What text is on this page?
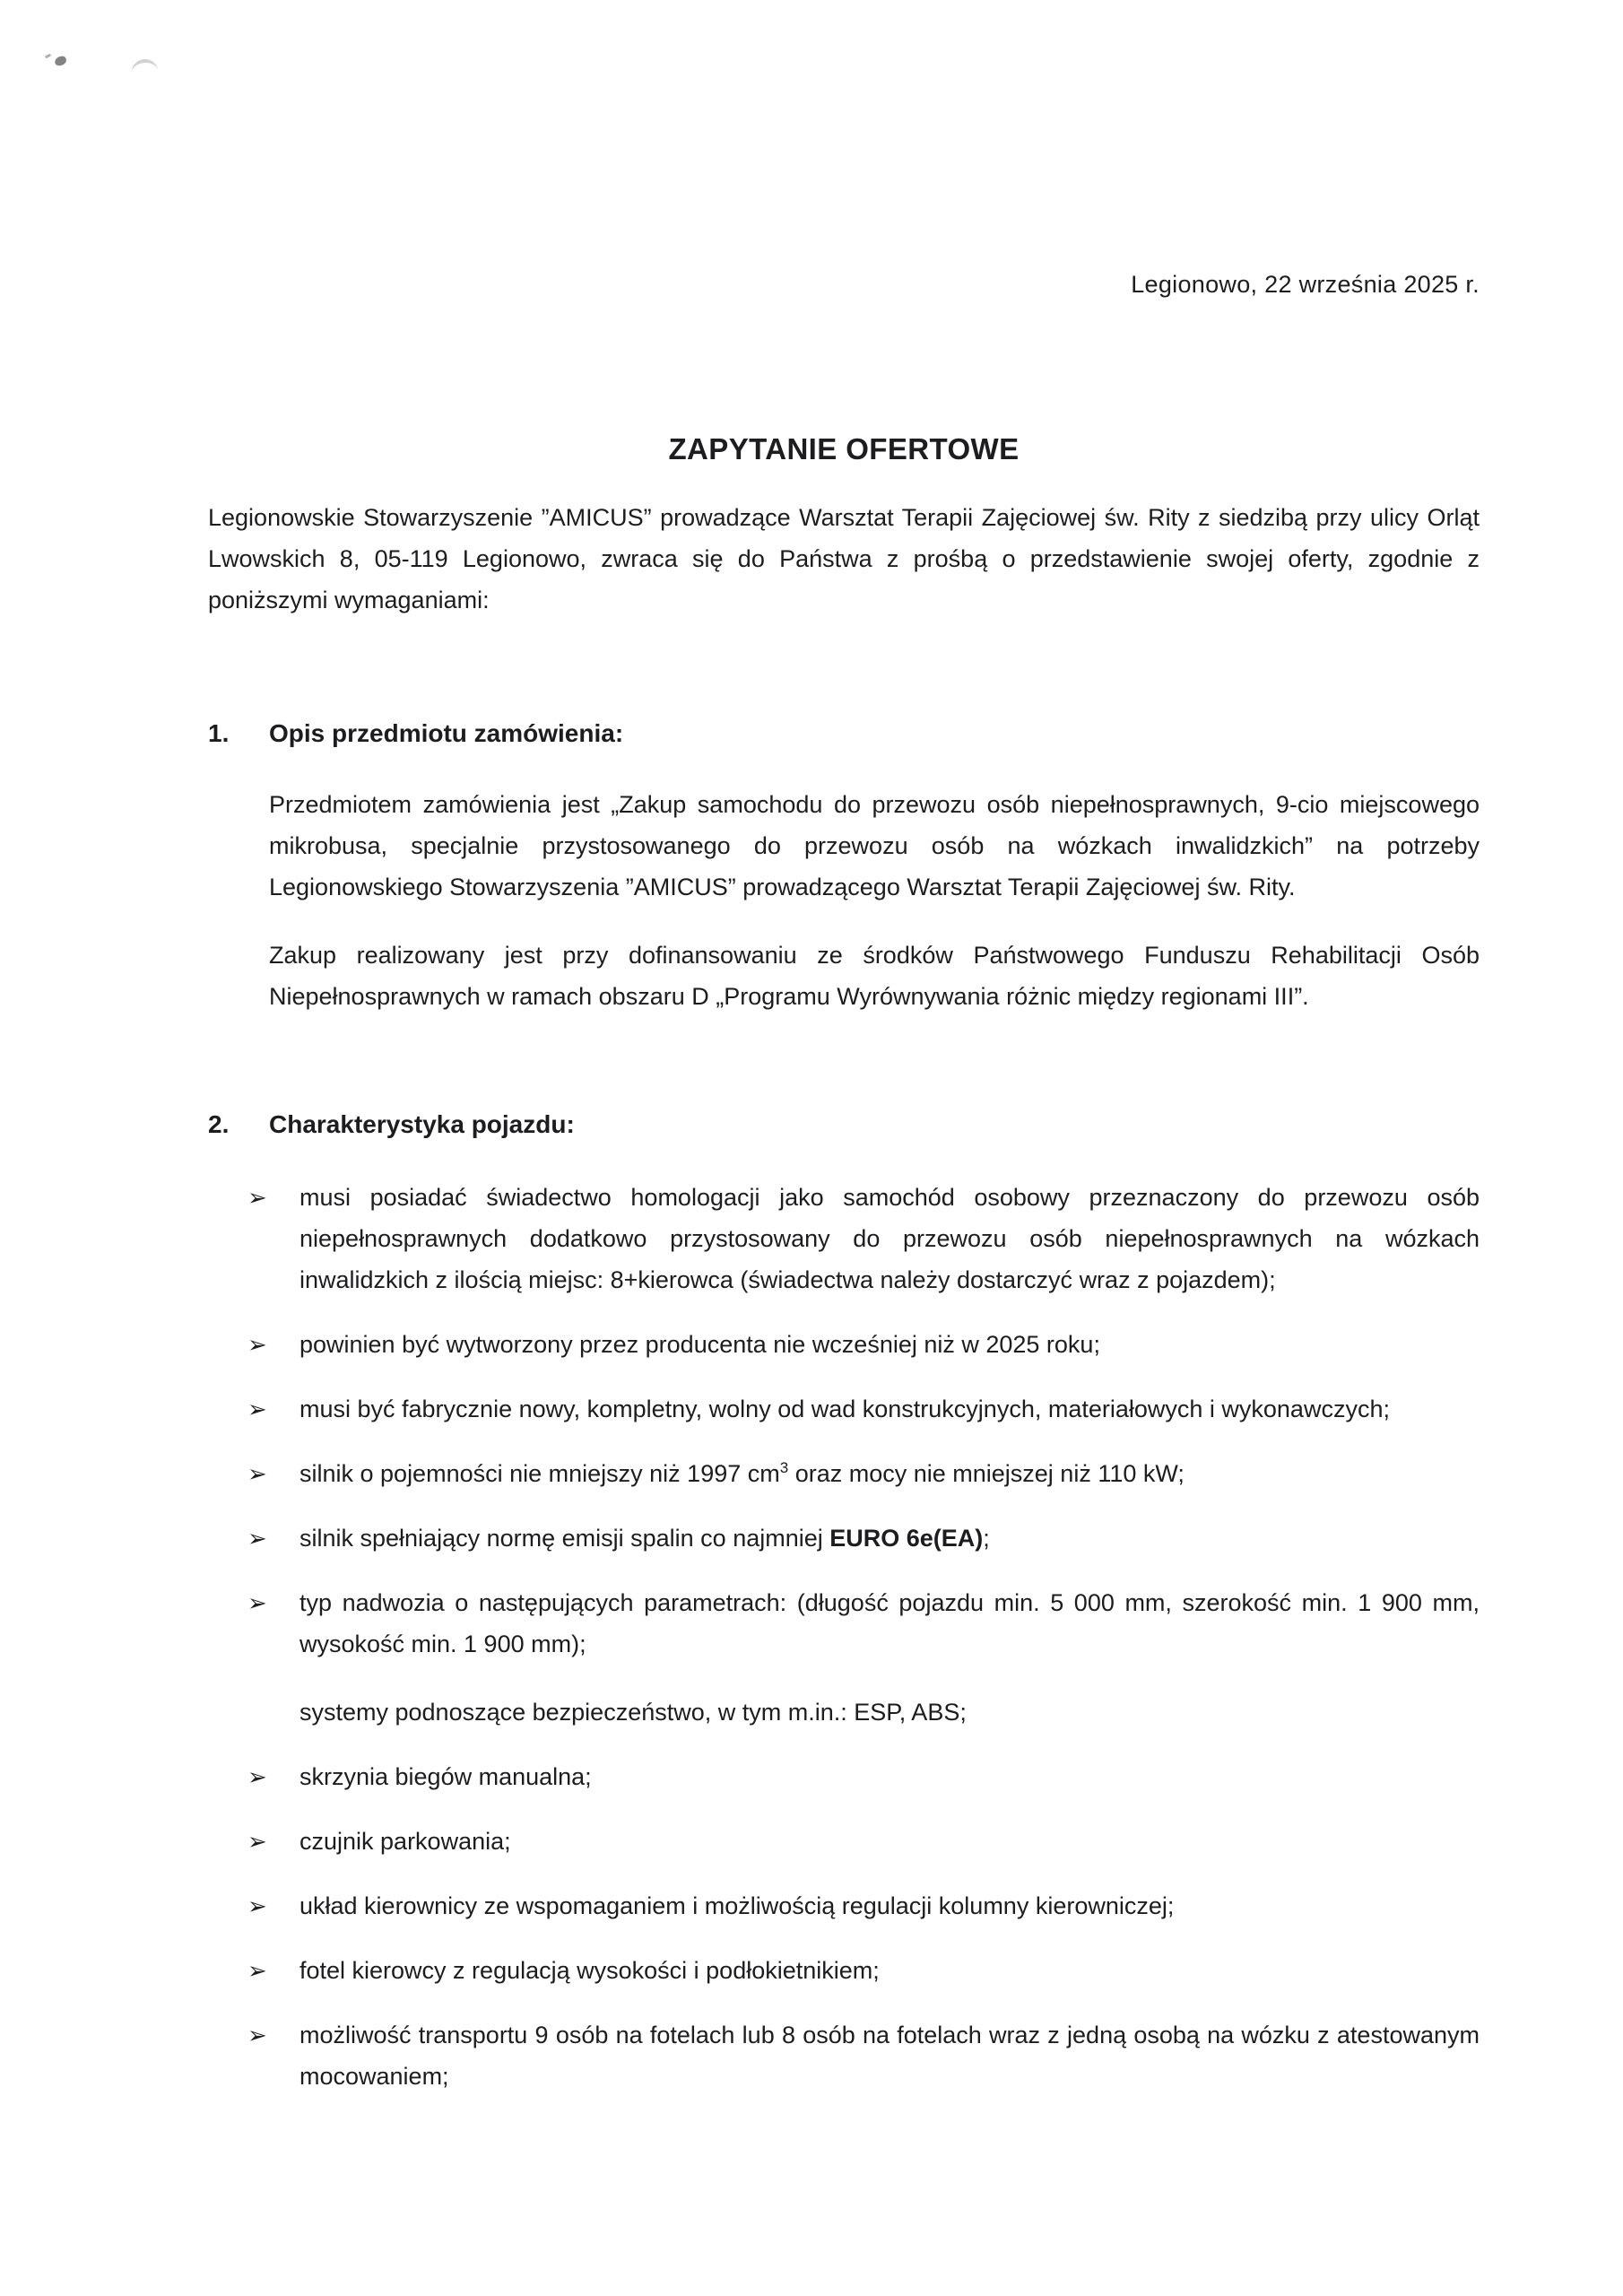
Legionowo, 22 września 2025 r.
ZAPYTANIE OFERTOWE

Legionowskie Stowarzyszenie ”AMICUS” prowadzące Warsztat Terapii Zajęciowej św. Rity z siedzibą przy ulicy Orląt Lwowskich 8, 05-119 Legionowo, zwraca się do Państwa z prośbą o przedstawienie swojej oferty, zgodnie z poniższymi wymaganiami:

1.	Opis przedmiotu zamówienia:

Przedmiotem zamówienia jest „Zakup samochodu do przewozu osób niepełnosprawnych, 9-cio miejscowego mikrobusa, specjalnie przystosowanego do przewozu osób na wózkach inwalidzkich” na potrzeby Legionowskiego Stowarzyszenia ”AMICUS” prowadzącego Warsztat Terapii Zajęciowej św. Rity.

Zakup realizowany jest przy dofinansowaniu ze środków Państwowego Funduszu Rehabilitacji Osób Niepełnosprawnych w ramach obszaru D „Programu Wyrównywania różnic między regionami III”.

2.	Charakterystyka pojazdu:
➢ musi posiadać świadectwo homologacji jako samochód osobowy przeznaczony do przewozu osób niepełnosprawnych dodatkowo przystosowany do przewozu osób niepełnosprawnych na wózkach inwalidzkich z ilością miejsc: 8+kierowca (świadectwa należy dostarczyć wraz z pojazdem);
➢ powinien być wytworzony przez producenta nie wcześniej niż w 2025 roku;
➢ musi być fabrycznie nowy, kompletny, wolny od wad konstrukcyjnych, materiałowych i wykonawczych;
➢ silnik o pojemności nie mniejszy niż 1997 $cm^3$ oraz mocy nie mniejszej niż 110 kW;
➢ silnik spełniający normę emisji spalin co najmniej EURO 6e(EA);
➢ typ nadwozia o następujących parametrach: (długość pojazdu min. 5 000 mm, szerokość min. 1 900 mm, wysokość min. 1 900 mm);
systemy podnoszące bezpieczeństwo, w tym m.in.: ESP, ABS;
➢ skrzynia biegów manualna;
➢ czujnik parkowania;
➢ układ kierownicy ze wspomaganiem i możliwością regulacji kolumny kierowniczej;
➢ fotel kierowcy z regulacją wysokości i podłokietnikiem;
➢ możliwość transportu 9 osób na fotelach lub 8 osób na fotelach wraz z jedną osobą na wózku z atestowanym mocowaniem;
